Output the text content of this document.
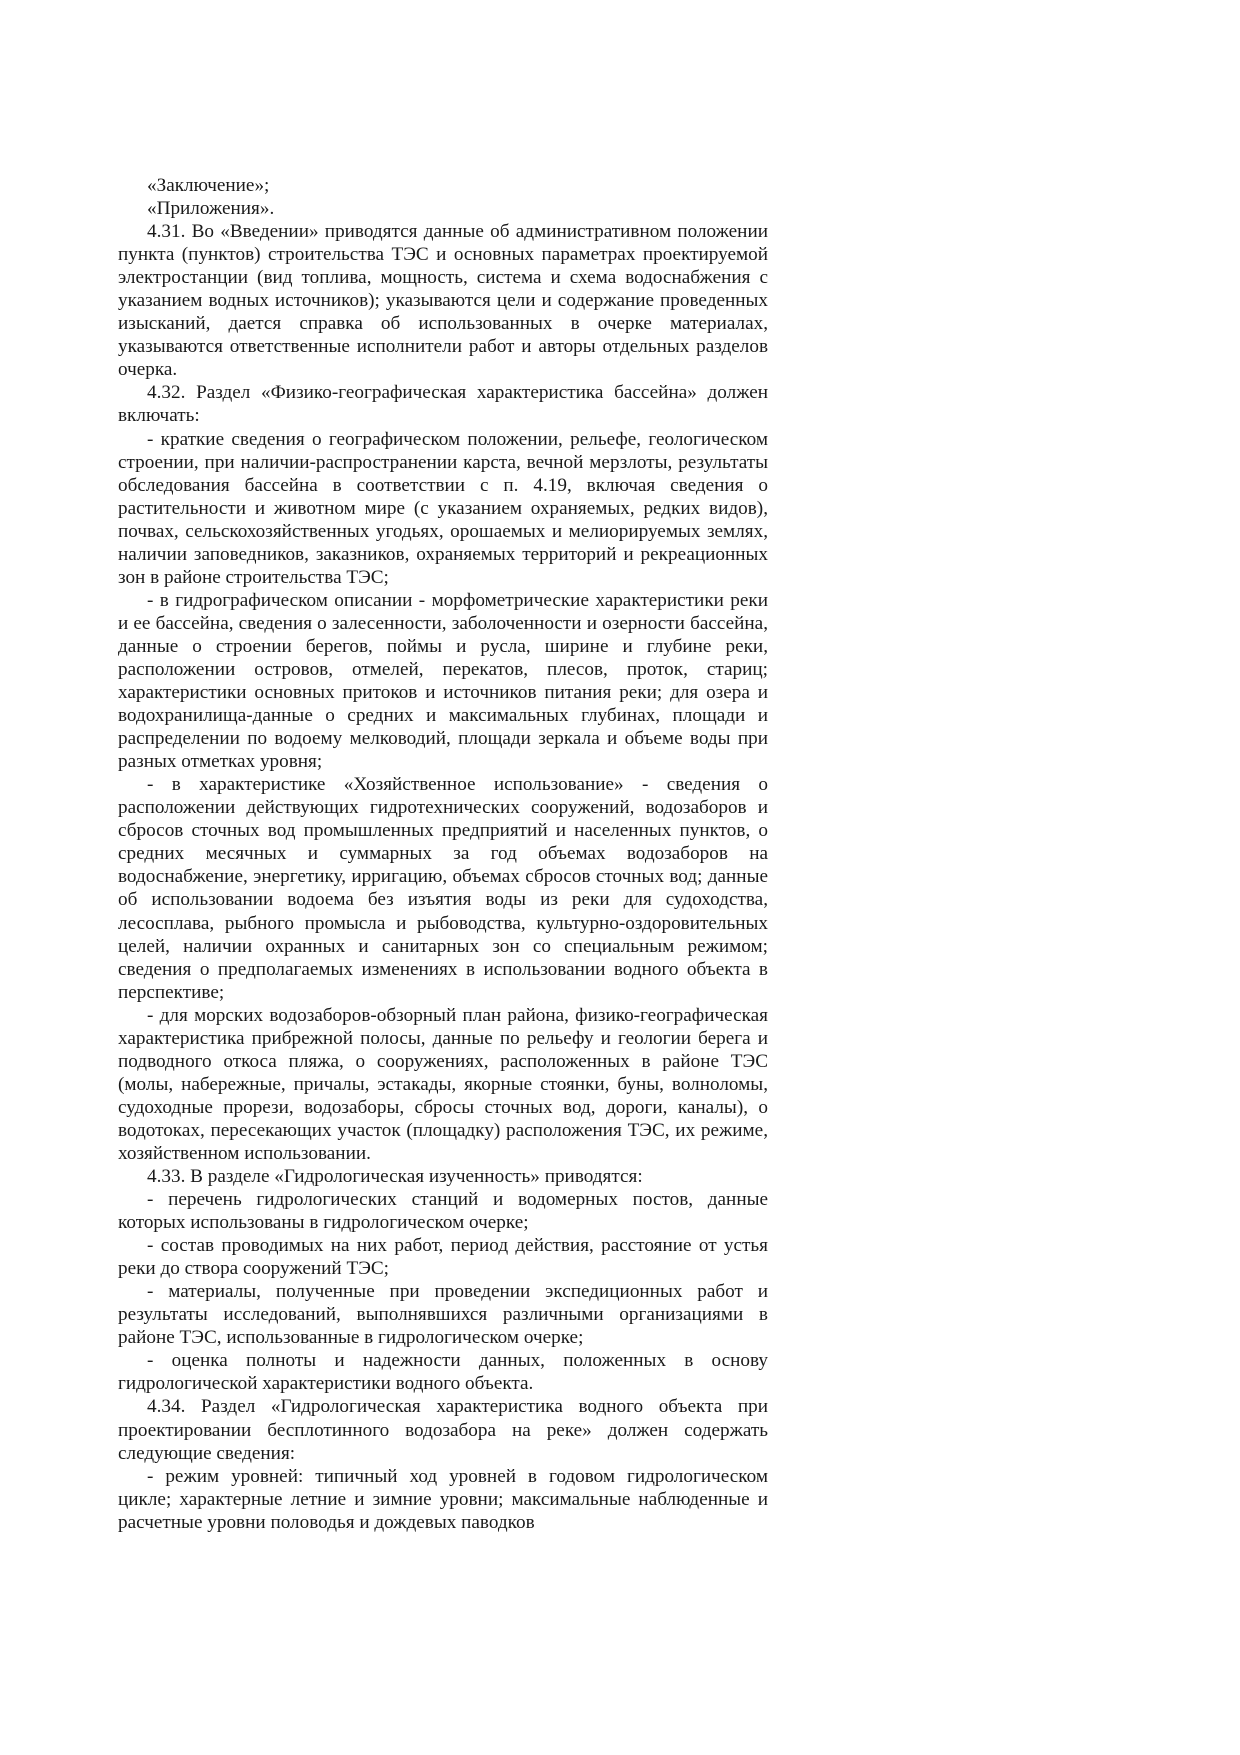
«Заключение»;

«Приложения».

4.31. Во «Введении» приводятся данные об административном положении пункта (пунктов) строительства ТЭС и основных параметрах проектируемой электростанции (вид топлива, мощность, система и схема водоснабжения с указанием водных источников); указываются цели и содержание проведенных изысканий, дается справка об использованных в очерке материалах, указываются ответственные исполнители работ и авторы отдельных разделов очерка.

4.32. Раздел «Физико-географическая характеристика бассейна» должен включать:

- краткие сведения о географическом положении, рельефе, геологическом строении, при наличии-распространении карста, вечной мерзлоты, результаты обследования бассейна в соответствии с п. 4.19, включая сведения о растительности и животном мире (с указанием охраняемых, редких видов), почвах, сельскохозяйственных угодьях, орошаемых и мелиорируемых землях, наличии заповедников, заказников, охраняемых территорий и рекреационных зон в районе строительства ТЭС;

- в гидрографическом описании - морфометрические характеристики реки и ее бассейна, сведения о залесенности, заболоченности и озерности бассейна, данные о строении берегов, поймы и русла, ширине и глубине реки, расположении островов, отмелей, перекатов, плесов, проток, стариц; характеристики основных притоков и источников питания реки; для озера и водохранилища-данные о средних и максимальных глубинах, площади и распределении по водоему мелководий, площади зеркала и объеме воды при разных отметках уровня;

- в характеристике «Хозяйственное использование» - сведения о расположении действующих гидротехнических сооружений, водозаборов и сбросов сточных вод промышленных предприятий и населенных пунктов, о средних месячных и суммарных за год объемах водозаборов на водоснабжение, энергетику, ирригацию, объемах сбросов сточных вод; данные об использовании водоема без изъятия воды из реки для судоходства, лесосплава, рыбного промысла и рыбоводства, культурно-оздоровительных целей, наличии охранных и санитарных зон со специальным режимом; сведения о предполагаемых изменениях в использовании водного объекта в перспективе;

- для морских водозаборов-обзорный план района, физико-географическая характеристика прибрежной полосы, данные по рельефу и геологии берега и подводного откоса пляжа, о сооружениях, расположенных в районе ТЭС (молы, набережные, причалы, эстакады, якорные стоянки, буны, волноломы, судоходные прорези, водозаборы, сбросы сточных вод, дороги, каналы), о водотоках, пересекающих участок (площадку) расположения ТЭС, их режиме, хозяйственном использовании.

4.33. В разделе «Гидрологическая изученность» приводятся:

- перечень гидрологических станций и водомерных постов, данные которых использованы в гидрологическом очерке;

- состав проводимых на них работ, период действия, расстояние от устья реки до створа сооружений ТЭС;

- материалы, полученные при проведении экспедиционных работ и результаты исследований, выполнявшихся различными организациями в районе ТЭС, использованные в гидрологическом очерке;

- оценка полноты и надежности данных, положенных в основу гидрологической характеристики водного объекта.

4.34. Раздел «Гидрологическая характеристика водного объекта при проектировании бесплотинного водозабора на реке» должен содержать следующие сведения:

- режим уровней: типичный ход уровней в годовом гидрологическом цикле; характерные летние и зимние уровни; максимальные наблюденные и расчетные уровни половодья и дождевых паводков
